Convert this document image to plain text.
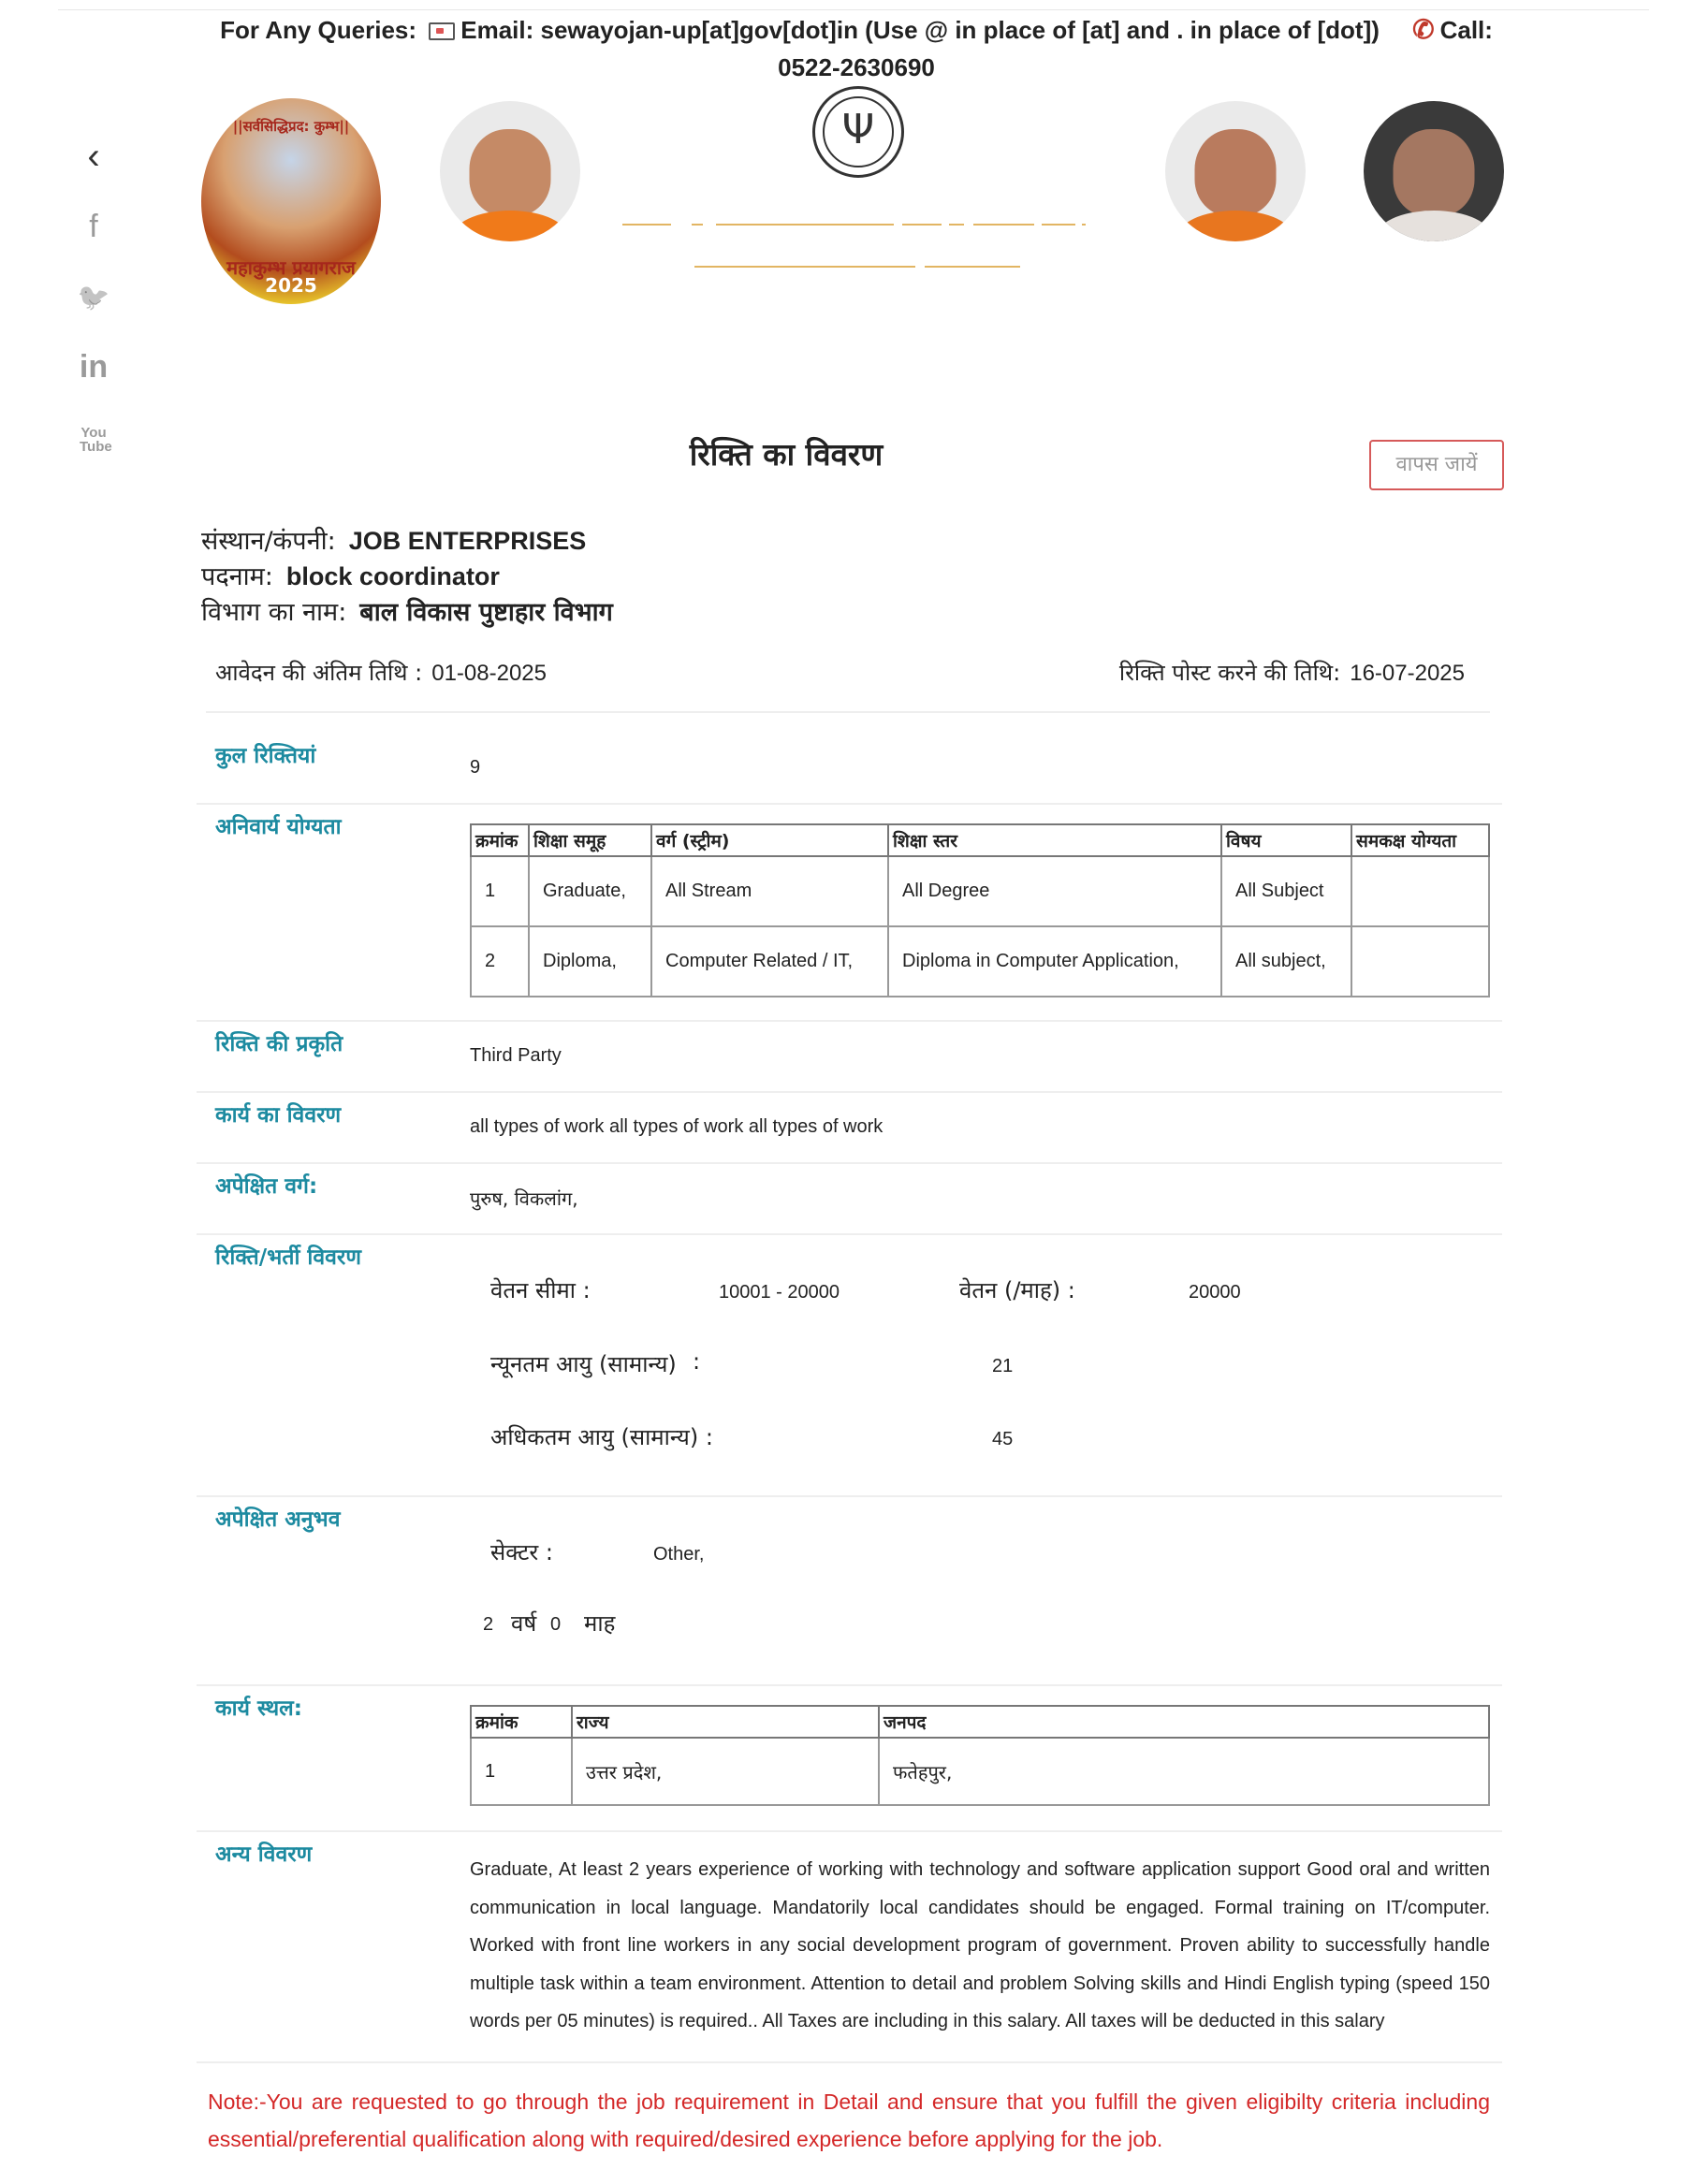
For Any Queries: Email: sewayojan-up[at]gov[dot]in (Use @ in place of [at] and . in place of [dot]) ✆ Call:
0522-2630690
‹
f
🐦
in
You Tube
||सर्वसिद्धिप्रद: कुम्भ||
महाकुम्भ प्रयागराज
2025
Ψ
रिक्ति का विवरण	वापस जायें
संस्थान/कंपनी: JOB ENTERPRISES
पदनाम: block coordinator
विभाग का नाम: बाल विकास पुष्टाहार विभाग
आवेदन की अंतिम तिथि : 01-08-2025	रिक्ति पोस्ट करने की तिथि: 16-07-2025
कुल रिक्तियां	9
अनिवार्य योग्यता
क्रमांक	शिक्षा समूह	वर्ग (स्ट्रीम)	शिक्षा स्तर	विषय	समकक्ष योग्यता
1	Graduate,	All Stream	All Degree	All Subject	
2	Diploma,	Computer Related / IT,	Diploma in Computer Application,	All subject,	
रिक्ति की प्रकृति	Third Party
कार्य का विवरण	all types of work all types of work all types of work
अपेक्षित वर्ग:	पुरुष, विकलांग,
रिक्ति/भर्ती विवरण
वेतन सीमा :	10001 - 20000	वेतन (/माह) :	20000
न्यूनतम आयु (सामान्य) :	21
अधिकतम आयु (सामान्य) :	45
अपेक्षित अनुभव
सेक्टर :	Other,
2 वर्ष 0 माह
कार्य स्थल:
क्रमांक	राज्य	जनपद
1	उत्तर प्रदेश,	फतेहपुर,
अन्य विवरण
Graduate, At least 2 years experience of working with technology and software application support Good oral and written communication in local language. Mandatorily local candidates should be engaged. Formal training on IT/computer. Worked with front line workers in any social development program of government. Proven ability to successfully handle multiple task within a team environment. Attention to detail and problem Solving skills and Hindi English typing (speed 150 words per 05 minutes) is required.. All Taxes are including in this salary. All taxes will be deducted in this salary
Note:-You are requested to go through the job requirement in Detail and ensure that you fulfill the given eligibilty criteria including essential/preferential qualification along with required/desired experience before applying for the job.
